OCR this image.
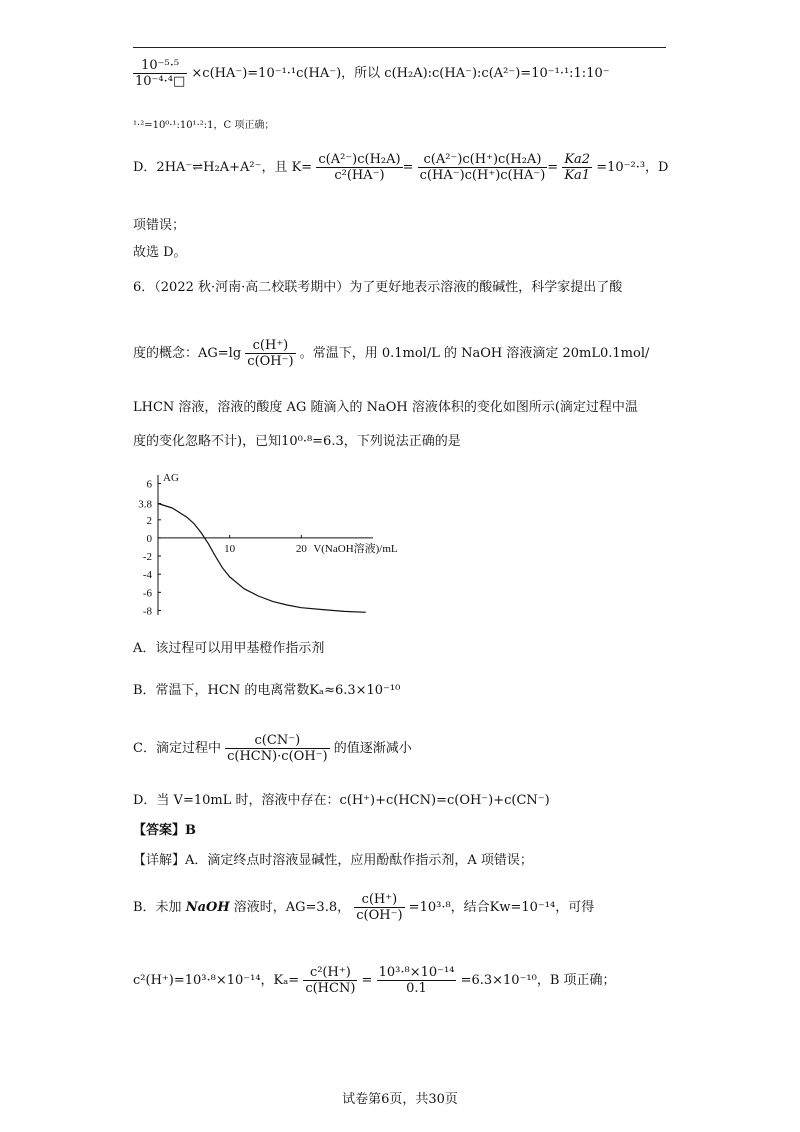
$\frac{\text{10⁻⁵·⁵}}{\text{10⁻⁴·⁴□}} \times c(HA^-)=10^{-1}\cdot^1c(HA^-)$，所以 c(H₂A):c(HA⁻):c(A²⁻)=10⁻¹·¹:1:10⁻
¹·²=10⁰·¹:10¹·²:1，C 项正确；
D．2HA⁻⇌H₂A+A²⁻，且 $K= \frac{\text{c(A²⁻)c(H₂A)}}{\text{c²(HA⁻)}} = \frac{\text{c(A²⁻)c(H⁺)c(H₂A)}}{c(HA^-)c(H^+)c(HA^-)} = \frac{Ka2}{Ka1} =10^{-2}\cdot^3$，D
项错误；
故选 D。
6．（2022 秋·河南·高二校联考期中）为了更好地表示溶液的酸碱性，科学家提出了酸
度的概念：$AG=\lg \frac{c(H^+)}{c(OH^-)}$ 。常温下，用 0.1mol/L 的 NaOH 溶液滴定 20mL0.1mol/
LHCN 溶液，溶液的酸度 AG 随滴入的 NaOH 溶液体积的变化如图所示(滴定过程中温
度的变化忽略不计)，已知10⁰·⁸=6.3，下列说法正确的是
AG
V(NaOH溶液)/mL
6
3.8
2
0
-2
-4
-6
-8
10	20
A．该过程可以用甲基橙作指示剂
B．常温下，HCN 的电离常数Kₐ≈6.3×10⁻¹⁰
C．滴定过程中 $\frac{c(CN^-)}{\text{c(HCN)·c(OH⁻)}}$ 的值逐渐减小
D．当 V=10mL 时，溶液中存在：c(H⁺)+c(HCN)=c(OH⁻)+c(CN⁻)
【答案】B
【详解】A．滴定终点时溶液显碱性，应用酚酞作指示剂，A 项错误；
B．未加 NaOH 溶液时，AG=3.8， $\frac{c(H^+)}{c(OH^-)} =10^3\cdot^8$，结合Kw=10⁻¹⁴，可得
c²(H⁺)=10³·⁸×10⁻¹⁴，$K_a= \frac{\text{c²(H⁺)}}{\text{c(HCN)}} = \frac{\text{10³·⁸×10⁻¹⁴}}{0.1} =6.3\times 10^{-10}$，B 项正确；
试卷第6页，共30页
